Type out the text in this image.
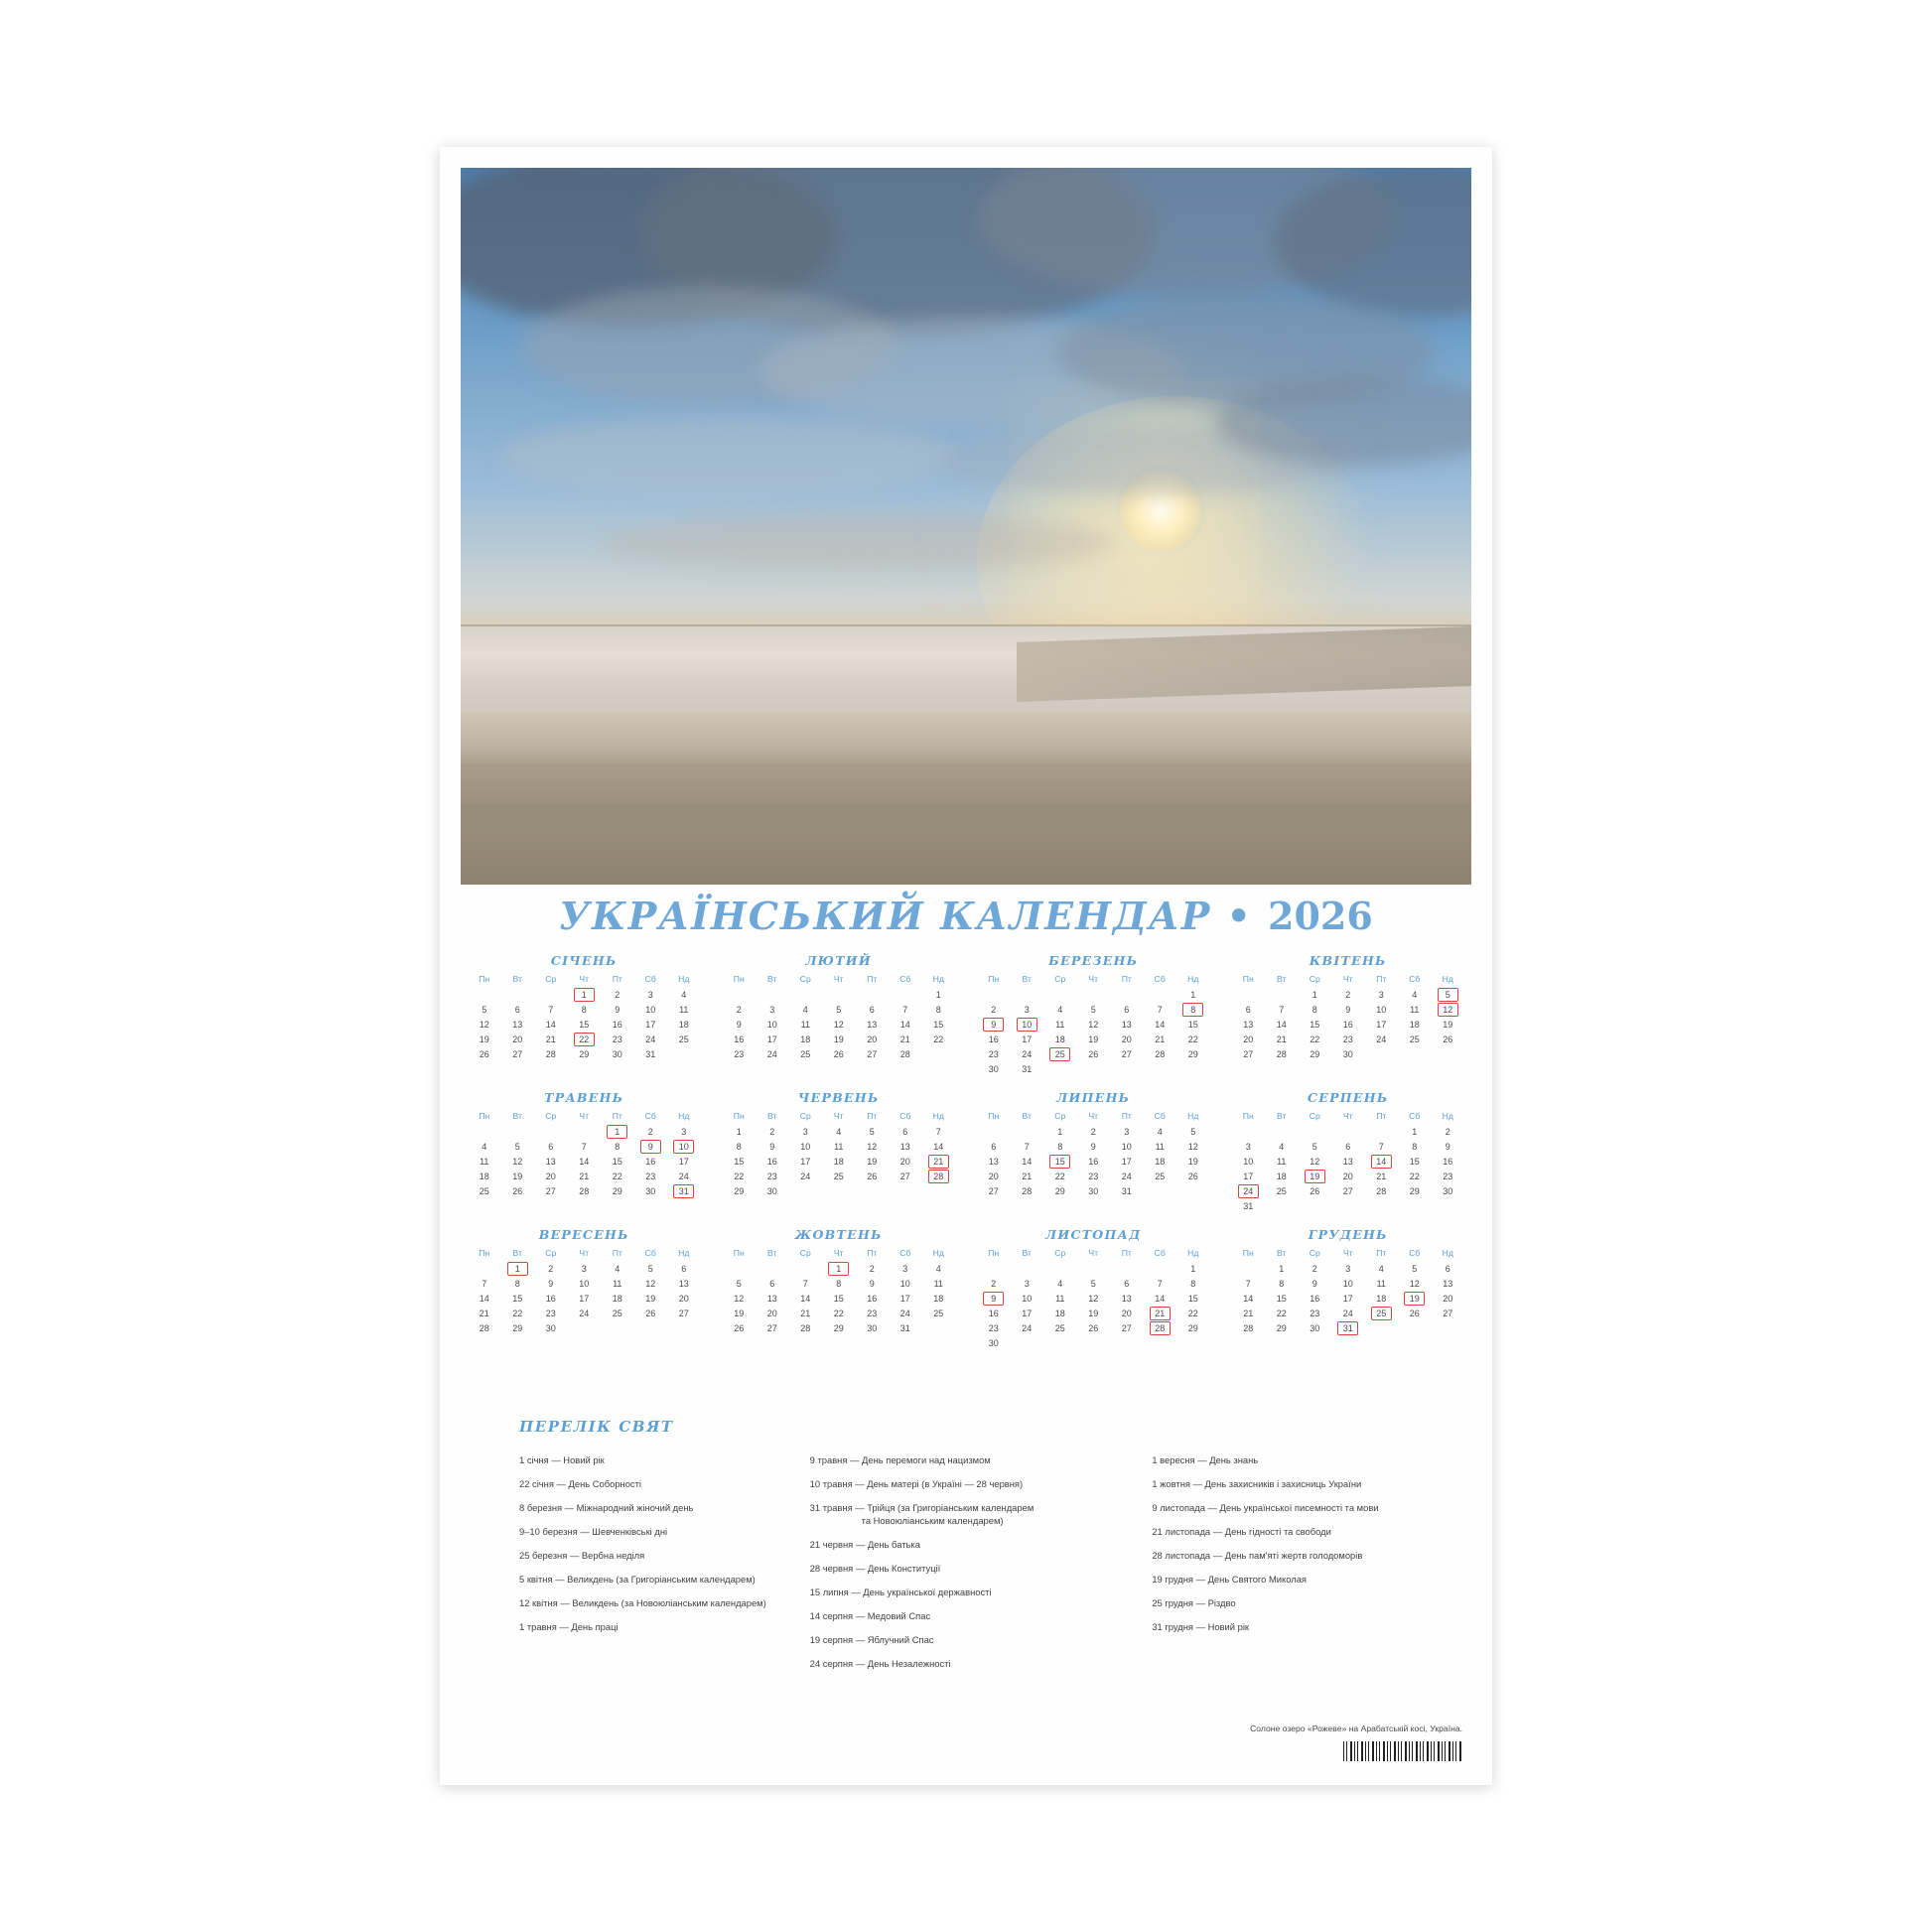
УКРАЇНСЬКИЙ КАЛЕНДАР • 2026
СІЧЕНЬ
Пн	Вт	Ср	Чт	Пт	Сб	Нд
			1	2	3	4
5	6	7	8	9	10	11
12	13	14	15	16	17	18
19	20	21	22	23	24	25
26	27	28	29	30	31	
ЛЮТИЙ
Пн	Вт	Ср	Чт	Пт	Сб	Нд
						1
2	3	4	5	6	7	8
9	10	11	12	13	14	15
16	17	18	19	20	21	22
23	24	25	26	27	28	
БЕРЕЗЕНЬ
Пн	Вт	Ср	Чт	Пт	Сб	Нд
						1
2	3	4	5	6	7	8
9	10	11	12	13	14	15
16	17	18	19	20	21	22
23	24	25	26	27	28	29
30	31					
КВІТЕНЬ
Пн	Вт	Ср	Чт	Пт	Сб	Нд
		1	2	3	4	5
6	7	8	9	10	11	12
13	14	15	16	17	18	19
20	21	22	23	24	25	26
27	28	29	30			
ТРАВЕНЬ
Пн	Вт	Ср	Чт	Пт	Сб	Нд
				1	2	3
4	5	6	7	8	9	10
11	12	13	14	15	16	17
18	19	20	21	22	23	24
25	26	27	28	29	30	31
ЧЕРВЕНЬ
Пн	Вт	Ср	Чт	Пт	Сб	Нд
1	2	3	4	5	6	7
8	9	10	11	12	13	14
15	16	17	18	19	20	21
22	23	24	25	26	27	28
29	30					
ЛИПЕНЬ
Пн	Вт	Ср	Чт	Пт	Сб	Нд
		1	2	3	4	5
6	7	8	9	10	11	12
13	14	15	16	17	18	19
20	21	22	23	24	25	26
27	28	29	30	31		
СЕРПЕНЬ
Пн	Вт	Ср	Чт	Пт	Сб	Нд
					1	2
3	4	5	6	7	8	9
10	11	12	13	14	15	16
17	18	19	20	21	22	23
24	25	26	27	28	29	30
31						
ВЕРЕСЕНЬ
Пн	Вт	Ср	Чт	Пт	Сб	Нд
	1	2	3	4	5	6
7	8	9	10	11	12	13
14	15	16	17	18	19	20
21	22	23	24	25	26	27
28	29	30				
ЖОВТЕНЬ
Пн	Вт	Ср	Чт	Пт	Сб	Нд
			1	2	3	4
5	6	7	8	9	10	11
12	13	14	15	16	17	18
19	20	21	22	23	24	25
26	27	28	29	30	31	
ЛИСТОПАД
Пн	Вт	Ср	Чт	Пт	Сб	Нд
						1
2	3	4	5	6	7	8
9	10	11	12	13	14	15
16	17	18	19	20	21	22
23	24	25	26	27	28	29
30						
ГРУДЕНЬ
Пн	Вт	Ср	Чт	Пт	Сб	Нд
	1	2	3	4	5	6
7	8	9	10	11	12	13
14	15	16	17	18	19	20
21	22	23	24	25	26	27
28	29	30	31			
ПЕРЕЛІК СВЯТ
1 січня — Новий рік
22 січня — День Соборності
8 березня — Міжнародний жіночий день
9–10 березня — Шевченківські дні
25 березня — Вербна неділя
5 квітня — Великдень (за Григоріанським календарем)
12 квітня — Великдень (за Новоюліанським календарем)
1 травня — День праці
9 травня — День перемоги над нацизмом
10 травня — День матері (в Україні — 28 червня)
31 травня — Трійця (за Григоріанським календарем
та Новоюліанським календарем)
21 червня — День батька
28 червня — День Конституції
15 липня — День української державності
14 серпня — Медовий Спас
19 серпня — Яблучний Спас
24 серпня — День Незалежності
1 вересня — День знань
1 жовтня — День захисників і захисниць України
9 листопада — День української писемності та мови
21 листопада — День гідності та свободи
28 листопада — День пам'яті жертв голодоморів
19 грудня — День Святого Миколая
25 грудня — Різдво
31 грудня — Новий рік
Солоне озеро «Рожеве» на Арабатській косі, Україна.
